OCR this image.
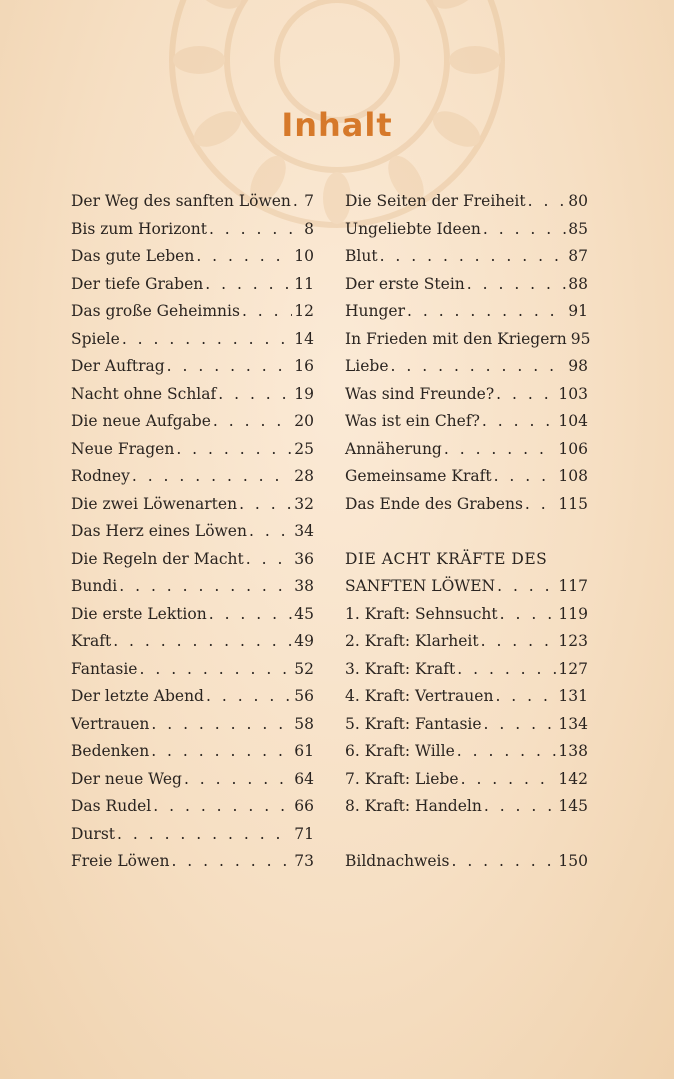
Inhalt
Der Weg des sanften Löwen . . . 7
Bis zum Horizont . . .	8
Das gute Leben . . .	10
Der tiefe Graben . . .	11
Das große Geheimnis . . .	12
Spiele . . .	14
Der Auftrag . . .	16
Nacht ohne Schlaf . . .	19
Die neue Aufgabe . . .	20
Neue Fragen . . .	25
Rodney . . .	28
Die zwei Löwenarten . . .	32
Das Herz eines Löwen . . .	34
Die Regeln der Macht . . .	36
Bundi . . .	38
Die erste Lektion . . .	45
Kraft . . .	49
Fantasie . . .	52
Der letzte Abend . . .	56
Vertrauen . . .	58
Bedenken . . .	61
Der neue Weg . . .	64
Das Rudel . . .	66
Durst . . .	71
Freie Löwen . . .	73
Die Seiten der Freiheit . . .	80
Ungeliebte Ideen . . .	85
Blut . . .	87
Der erste Stein . . .	88
Hunger . . .	91
In Frieden mit den Kriegern 95
Liebe . . .	98
Was sind Freunde? . . .	103
Was ist ein Chef? . . .	104
Annäherung . . .	106
Gemeinsame Kraft . . .	108
Das Ende des Grabens . . . 115
DIE ACHT KRÄFTE DES
SANFTEN LÖWEN . . .	117
1. Kraft: Sehnsucht . . .	119
2. Kraft: Klarheit . . .	123
3. Kraft: Kraft . . .	127
4. Kraft: Vertrauen . . .	131
5. Kraft: Fantasie . . .	134
6. Kraft: Wille . . .	138
7. Kraft: Liebe . . .	142
8. Kraft: Handeln . . .	145
Bildnachweis . . .	150
